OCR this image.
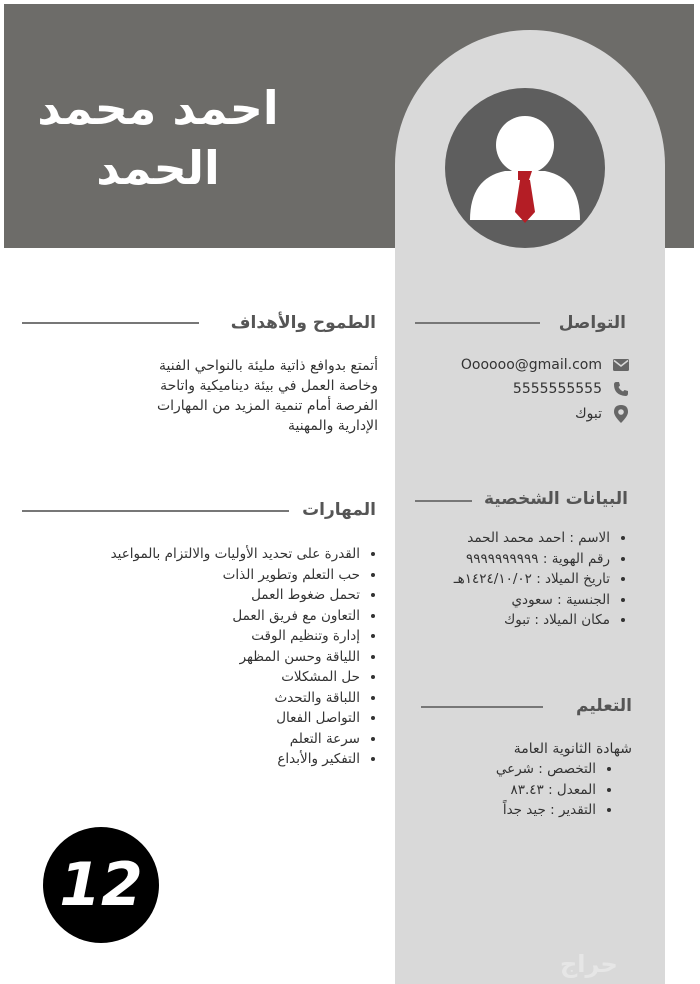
احمد محمد
الحمد
الطموح والأهداف
أتمتع بدوافع ذاتية مليئة بالنواحي الفنية وخاصة العمل في بيئة ديناميكية واتاحة الفرصة أمام تنمية المزيد من المهارات الإدارية والمهنية
المهارات
• القدرة على تحديد الأوليات والالتزام بالمواعيد
• حب التعلم وتطوير الذات
• تحمل ضغوط العمل
• التعاون مع فريق العمل
• إدارة وتنظيم الوقت
• اللياقة وحسن المظهر
• حل المشكلات
• اللباقة والتحدث
• التواصل الفعال
• سرعة التعلم
• التفكير والأبداع
التواصل
Oooooo@gmail.com
5555555555
تبوك
البيانات الشخصية
• الاسم : احمد محمد الحمد
• رقم الهوية : ٩٩٩٩٩٩٩٩٩٩
• تاريخ الميلاد : ١٤٢٤/١٠/٠٢هـ
• الجنسية : سعودي
• مكان الميلاد : تبوك
التعليم
شهادة الثانوية العامة
• التخصص : شرعي
• المعدل : ٨٣.٤٣
• التقدير : جيد جداً
12
حراج
